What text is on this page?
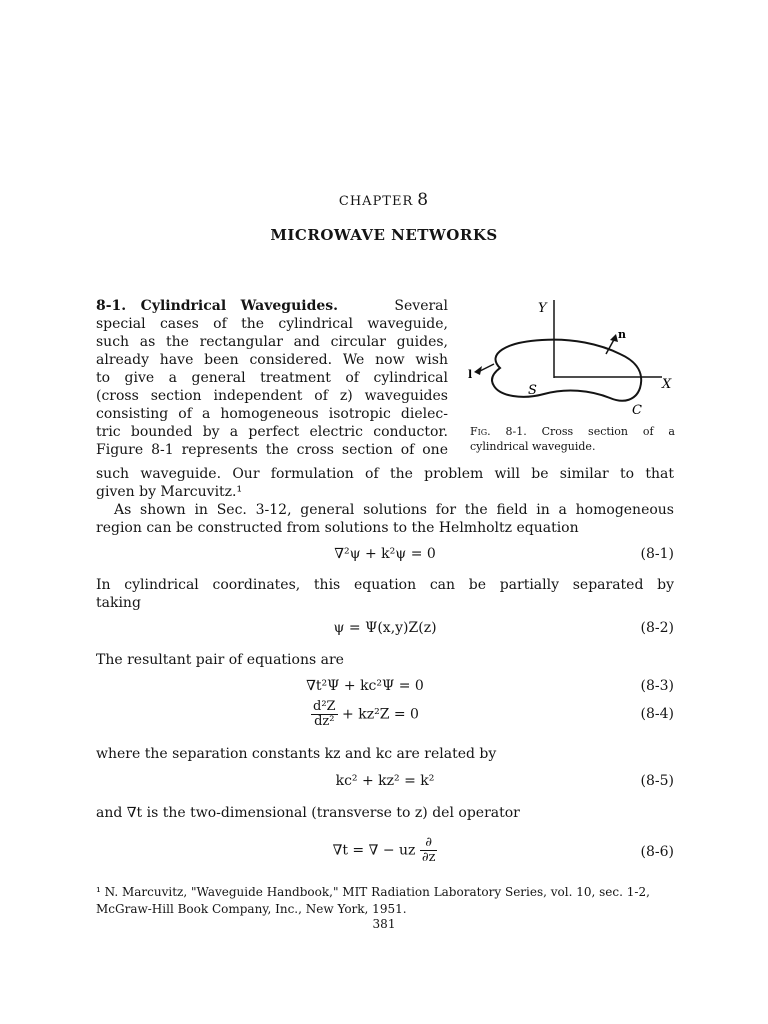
CHAPTER 8
MICROWAVE NETWORKS
8-1. Cylindrical Waveguides.	Several
special cases of the cylindrical waveguide,
such as the rectangular and circular guides,
already have been considered. We now wish
to give a general treatment of cylindrical
(cross section independent of z) waveguides
consisting of a homogeneous isotropic dielec-
tric bounded by a perfect electric conductor.
Figure 8-1 represents the cross section of one
Y
X
n
l
S
C
Fig. 8-1. Cross section of a cylindrical waveguide.
such waveguide. Our formulation of the problem will be similar to that
given by Marcuvitz.¹
As shown in Sec. 3-12, general solutions for the field in a homogeneous
region can be constructed from solutions to the Helmholtz equation
∇²ψ + k²ψ = 0	(8-1)
In cylindrical coordinates, this equation can be partially separated by
taking
ψ = Ψ(x,y)Z(z)	(8-2)
The resultant pair of equations are
∇t²Ψ + kc²Ψ = 0	(8-3)
$\frac{\text{d²Z}}{\text{dz²}} + kz^2Z = 0$	(8-4)
where the separation constants kz and kc are related by
kc² + kz² = k²	(8-5)
and ∇t is the two-dimensional (transverse to z) del operator
∇t = ∇ − uz $\frac{\partial}{\partial z}$	(8-6)
¹ N. Marcuvitz, "Waveguide Handbook," MIT Radiation Laboratory Series, vol. 10, sec. 1-2, McGraw-Hill Book Company, Inc., New York, 1951.
381
